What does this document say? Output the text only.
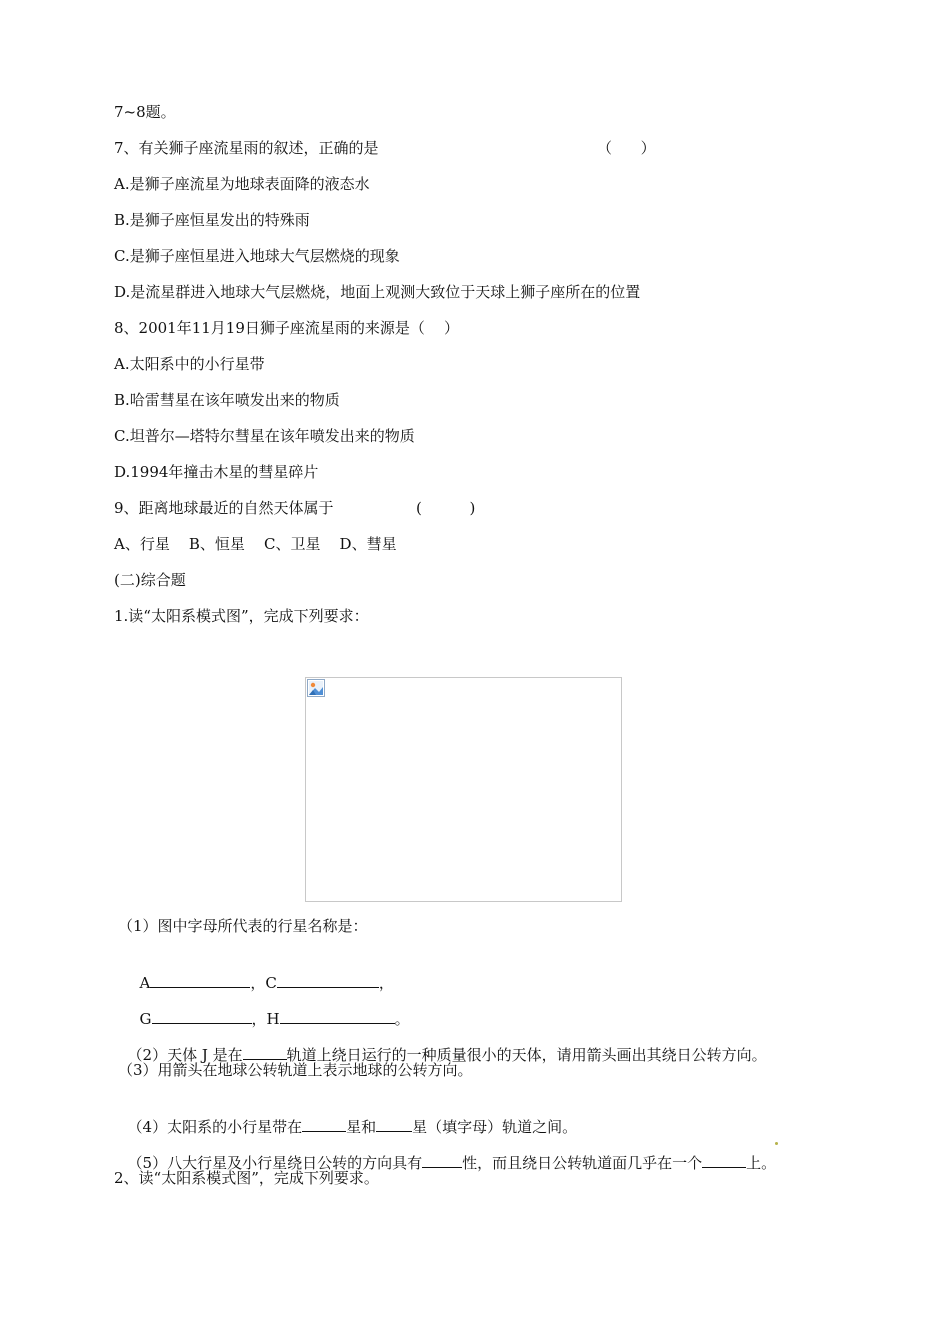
7~8题。
7、有关狮子座流星雨的叙述，正确的是	（      ）
A.是狮子座流星为地球表面降的液态水
B.是狮子座恒星发出的特殊雨
C.是狮子座恒星进入地球大气层燃烧的现象
D.是流星群进入地球大气层燃烧，地面上观测大致位于天球上狮子座所在的位置
8、2001年11月19日狮子座流星雨的来源是（    ）
A.太阳系中的小行星带
B.哈雷彗星在该年喷发出来的物质
C.坦普尔—塔特尔彗星在该年喷发出来的物质
D.1994年撞击木星的彗星碎片
9、距离地球最近的自然天体属于	(          )
A、行星    B、恒星    C、卫星    D、彗星
(二)综合题
1.读“太阳系模式图”，完成下列要求：
（1）图中字母所代表的行星名称是：

A	，C	，

G	，H	。

（2）天体 J 是在	轨道上绕日运行的一种质量很小的天体，请用箭头画出其绕日公转方向。

（3）用箭头在地球公转轨道上表示地球的公转方向。

（4）太阳系的小行星带在	星和 星（填字母）轨道之间。

（5）八大行星及小行星绕日公转的方向具有	性，而且绕日公转轨道面几乎在一个	上。

2、读“太阳系模式图”，完成下列要求。
